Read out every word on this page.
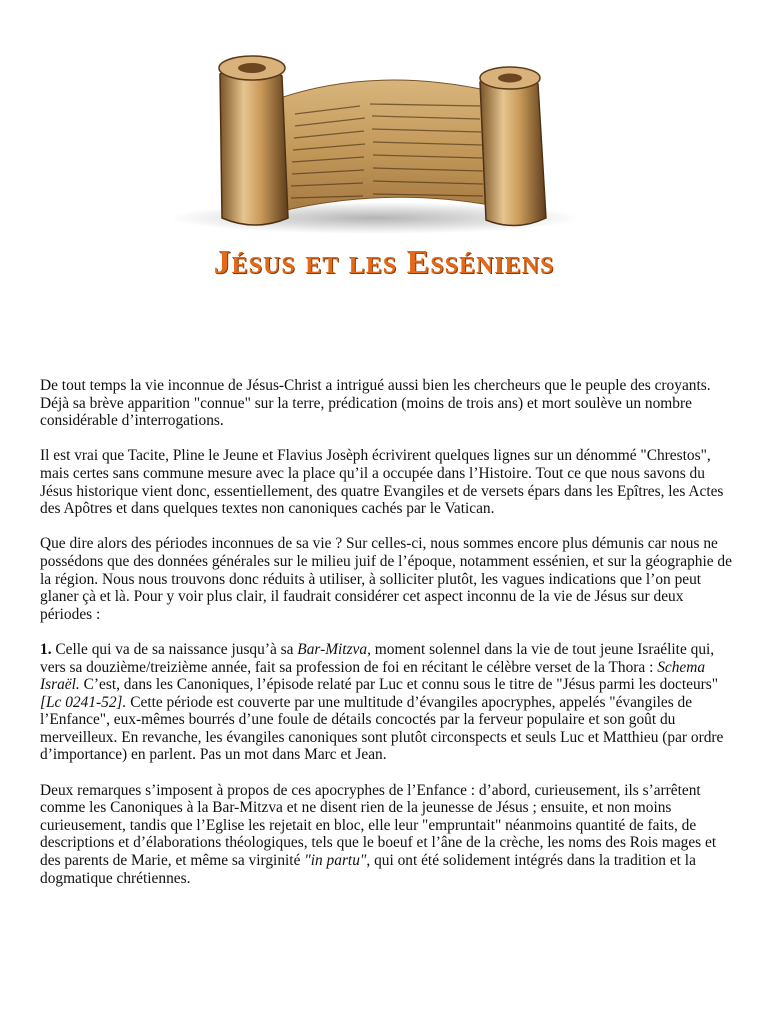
Jésus et les Esséniens

De tout temps la vie inconnue de Jésus-Christ a intrigué aussi bien les chercheurs que le peuple des croyants. Déjà sa brève apparition "connue" sur la terre, prédication (moins de trois ans) et mort soulève un nombre considérable d’interrogations.

Il est vrai que Tacite, Pline le Jeune et Flavius Josèph écrivirent quelques lignes sur un dénommé "Chrestos", mais certes sans commune mesure avec la place qu’il a occupée dans l’Histoire. Tout ce que nous savons du Jésus historique vient donc, essentiellement, des quatre Evangiles et de versets épars dans les Epîtres, les Actes des Apôtres et dans quelques textes non canoniques cachés par le Vatican.

Que dire alors des périodes inconnues de sa vie ? Sur celles-ci, nous sommes encore plus démunis car nous ne possédons que des données générales sur le milieu juif de l’époque, notamment essénien, et sur la géographie de la région. Nous nous trouvons donc réduits à utiliser, à solliciter plutôt, les vagues indications que l’on peut glaner çà et là. Pour y voir plus clair, il faudrait considérer cet aspect inconnu de la vie de Jésus sur deux périodes :

1. Celle qui va de sa naissance jusqu’à sa Bar-Mitzva, moment solennel dans la vie de tout jeune Israélite qui, vers sa douzième/treizième année, fait sa profession de foi en récitant le célèbre verset de la Thora : Schema Israël. C’est, dans les Canoniques, l’épisode relaté par Luc et connu sous le titre de "Jésus parmi les docteurs" [Lc 0241-52]. Cette période est couverte par une multitude d’évangiles apocryphes, appelés "évangiles de l’Enfance", eux-mêmes bourrés d’une foule de détails concoctés par la ferveur populaire et son goût du merveilleux. En revanche, les évangiles canoniques sont plutôt circonspects et seuls Luc et Matthieu (par ordre d’importance) en parlent. Pas un mot dans Marc et Jean.

Deux remarques s’imposent à propos de ces apocryphes de l’Enfance : d’abord, curieusement, ils s’arrêtent comme les Canoniques à la Bar-Mitzva et ne disent rien de la jeunesse de Jésus ; ensuite, et non moins curieusement, tandis que l’Eglise les rejetait en bloc, elle leur "empruntait" néanmoins quantité de faits, de descriptions et d’élaborations théologiques, tels que le boeuf et l’âne de la crèche, les noms des Rois mages et des parents de Marie, et même sa virginité "in partu", qui ont été solidement intégrés dans la tradition et la dogmatique chrétiennes.
